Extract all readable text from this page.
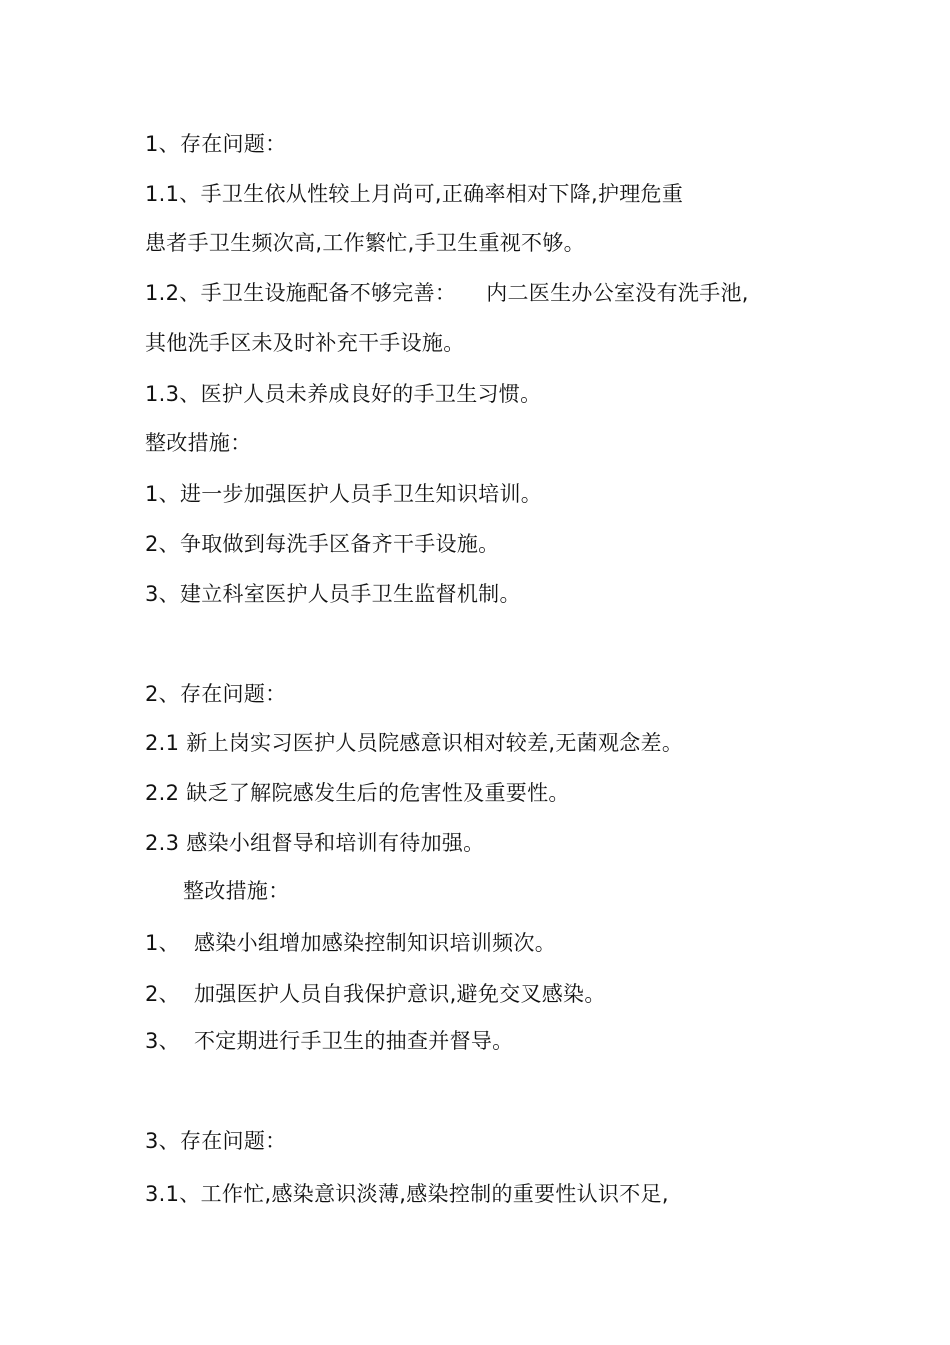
1、存在问题：
1.1、手卫生依从性较上月尚可,正确率相对下降,护理危重
患者手卫生频次高,工作繁忙,手卫生重视不够。
1.2、手卫生设施配备不够完善： 内二医生办公室没有洗手池,
其他洗手区未及时补充干手设施。
1.3、医护人员未养成良好的手卫生习惯。
整改措施：
1、进一步加强医护人员手卫生知识培训。
2、争取做到每洗手区备齐干手设施。
3、建立科室医护人员手卫生监督机制。
2、存在问题：
2.1 新上岗实习医护人员院感意识相对较差,无菌观念差。
2.2 缺乏了解院感发生后的危害性及重要性。
2.3 感染小组督导和培训有待加强。
整改措施：
1、 感染小组增加感染控制知识培训频次。
2、 加强医护人员自我保护意识,避免交叉感染。
3、 不定期进行手卫生的抽查并督导。
3、存在问题：
3.1、工作忙,感染意识淡薄,感染控制的重要性认识不足,
